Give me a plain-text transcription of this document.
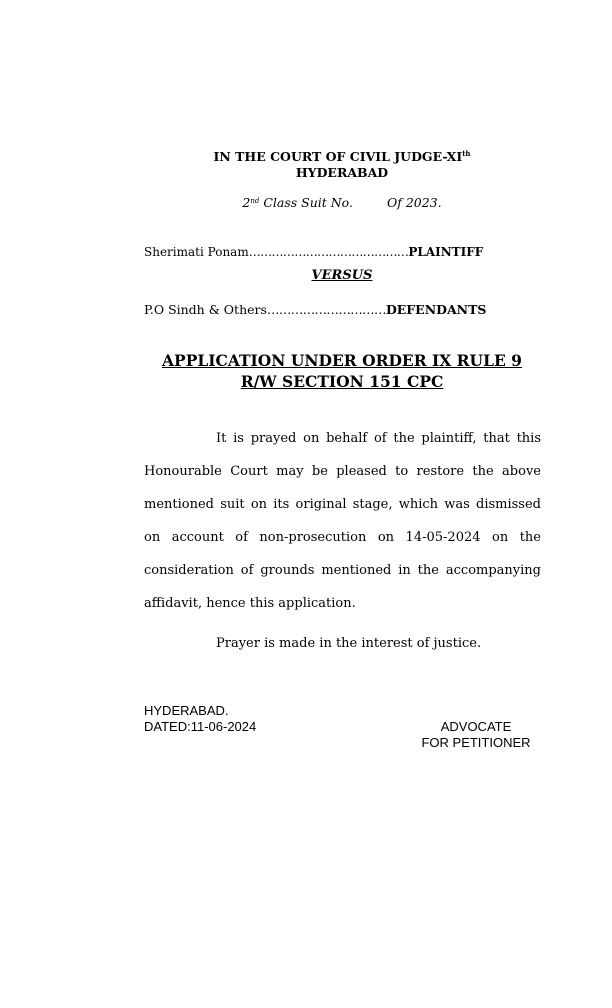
IN THE COURT OF CIVIL JUDGE-XIth
HYDERABAD
2nd Class Suit No.	Of 2023.
Sherimati Ponam……………………………………PLAINTIFF
VERSUS
P.O Sindh & Others…………………………DEFENDANTS
APPLICATION UNDER ORDER IX RULE 9
R/W SECTION 151 CPC

It is prayed on behalf of the plaintiff, that this Honourable Court may be pleased to restore the above mentioned suit on its original stage, which was dismissed on account of non-prosecution on 14-05-2024 on the consideration of grounds mentioned in the accompanying affidavit, hence this application.

Prayer is made in the interest of justice.
HYDERABAD.
DATED:11-06-2024	ADVOCATE
FOR PETITIONER
